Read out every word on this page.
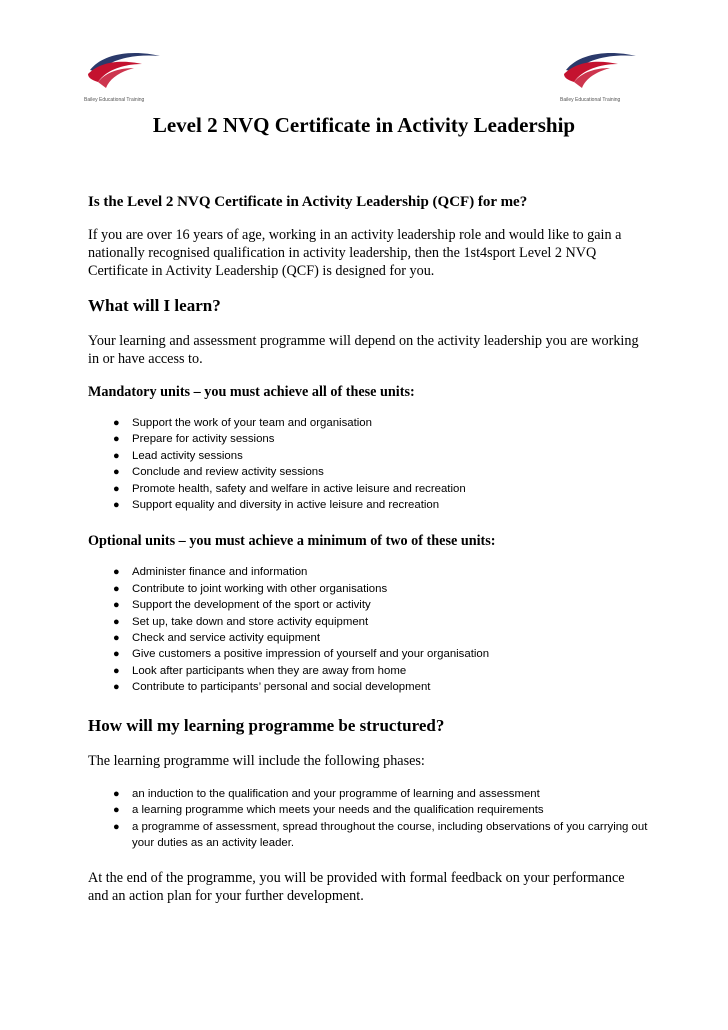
Bailey Educational Training	Bailey Educational Training
Level 2 NVQ Certificate in Activity Leadership
Is the Level 2 NVQ Certificate in Activity Leadership (QCF) for me?

If you are over 16 years of age, working in an activity leadership role and would like to gain a nationally recognised qualification in activity leadership, then the 1st4sport Level 2 NVQ Certificate in Activity Leadership (QCF) is designed for you.

What will I learn?

Your learning and assessment programme will depend on the activity leadership you are working in or have access to.

Mandatory units – you must achieve all of these units:
● Support the work of your team and organisation
● Prepare for activity sessions
● Lead activity sessions
● Conclude and review activity sessions
● Promote health, safety and welfare in active leisure and recreation
● Support equality and diversity in active leisure and recreation
Optional units – you must achieve a minimum of two of these units:
● Administer finance and information
● Contribute to joint working with other organisations
● Support the development of the sport or activity
● Set up, take down and store activity equipment
● Check and service activity equipment
● Give customers a positive impression of yourself and your organisation
● Look after participants when they are away from home
● Contribute to participants’ personal and social development
How will my learning programme be structured?

The learning programme will include the following phases:

● an induction to the qualification and your programme of learning and assessment
● a learning programme which meets your needs and the qualification requirements
● a programme of assessment, spread throughout the course, including observations of you carrying out your duties as an activity leader.

At the end of the programme, you will be provided with formal feedback on your performance and an action plan for your further development.
